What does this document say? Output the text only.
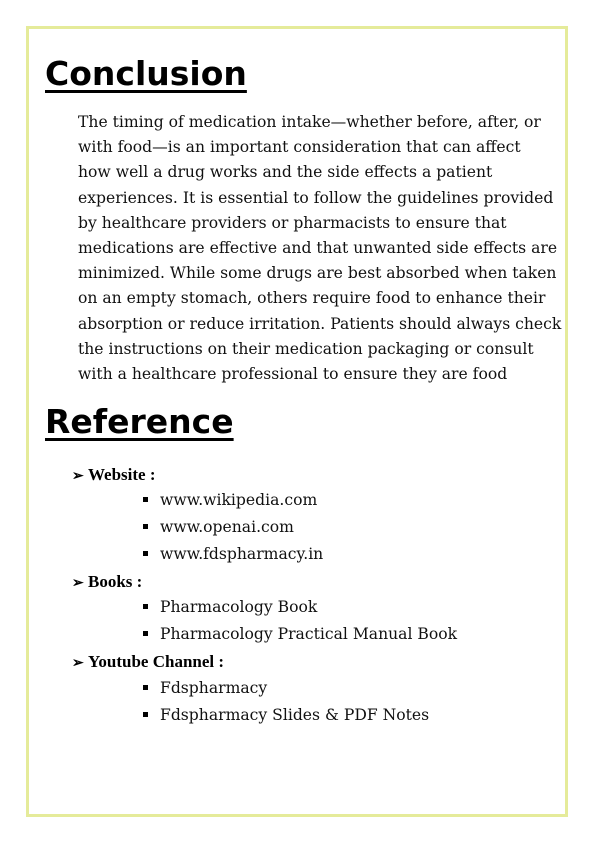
Conclusion
The timing of medication intake—whether before, after, or
with food—is an important consideration that can affect
how well a drug works and the side effects a patient
experiences. It is essential to follow the guidelines provided
by healthcare providers or pharmacists to ensure that
medications are effective and that unwanted side effects are
minimized. While some drugs are best absorbed when taken
on an empty stomach, others require food to enhance their
absorption or reduce irritation. Patients should always check
the instructions on their medication packaging or consult
with a healthcare professional to ensure they are food
Reference
➢ Website :
www.wikipedia.com
www.openai.com
www.fdspharmacy.in
➢ Books :
Pharmacology Book
Pharmacology Practical Manual Book
➢ Youtube Channel :
Fdspharmacy
Fdspharmacy Slides & PDF Notes
